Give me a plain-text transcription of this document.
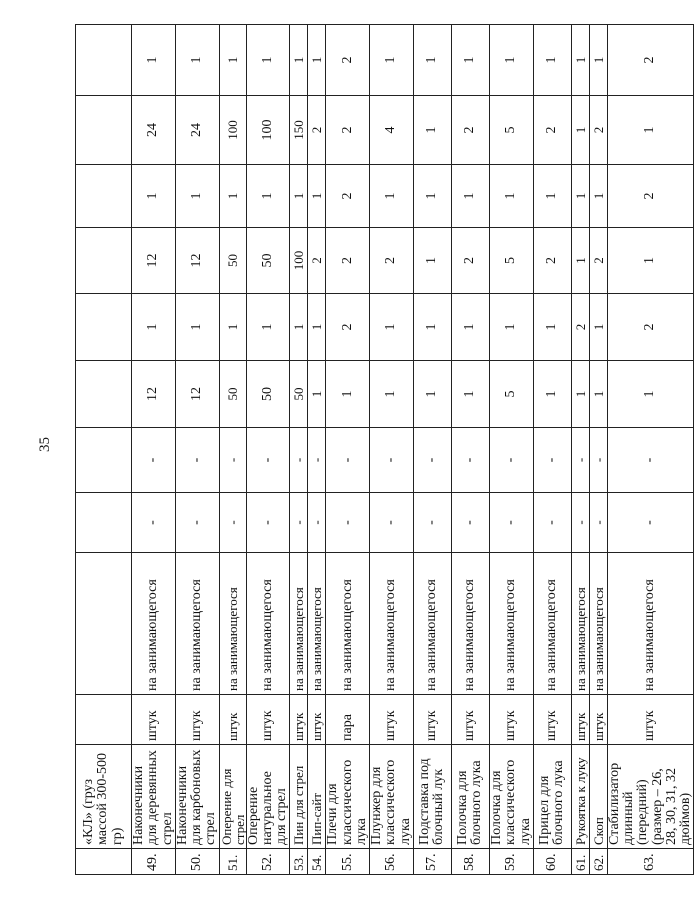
35
	«КЛ» (груз массой 300-500 гр)										
49.	Наконечники для деревянных стрел	штук	на занимающегося	-	-	12	1	12	1	24	1
50.	Наконечники для карбоновых стрел	штук	на занимающегося	-	-	12	1	12	1	24	1
51.	Оперение для стрел	штук	на занимающегося	-	-	50	1	50	1	100	1
52.	Оперение натуральное для стрел	штук	на занимающегося	-	-	50	1	50	1	100	1
53.	Пин для стрел	штук	на занимающегося	-	-	50	1	100	1	150	1
54.	Пип-сайт	штук	на занимающегося	-	-	1	1	2	1	2	1
55.	Плечи для классического лука	пара	на занимающегося	-	-	1	2	2	2	2	2
56.	Плунжер для классического лука	штук	на занимающегося	-	-	1	1	2	1	4	1
57.	Подставка под блочный лук	штук	на занимающегося	-	-	1	1	1	1	1	1
58.	Полочка для блочного лука	штук	на занимающегося	-	-	1	1	2	1	2	1
59.	Полочка для классического лука	штук	на занимающегося	-	-	5	1	5	1	5	1
60.	Прицел для блочного лука	штук	на занимающегося	-	-	1	1	2	1	2	1
61.	Рукоятка к луку	штук	на занимающегося	-	-	1	2	1	1	1	1
62.	Скоп	штук	на занимающегося	-	-	1	1	2	1	2	1
63.	Стабилизатор длинный (передний) (размер – 26, 28, 30, 31, 32 дюймов)	штук	на занимающегося	-	-	1	2	1	2	1	2
